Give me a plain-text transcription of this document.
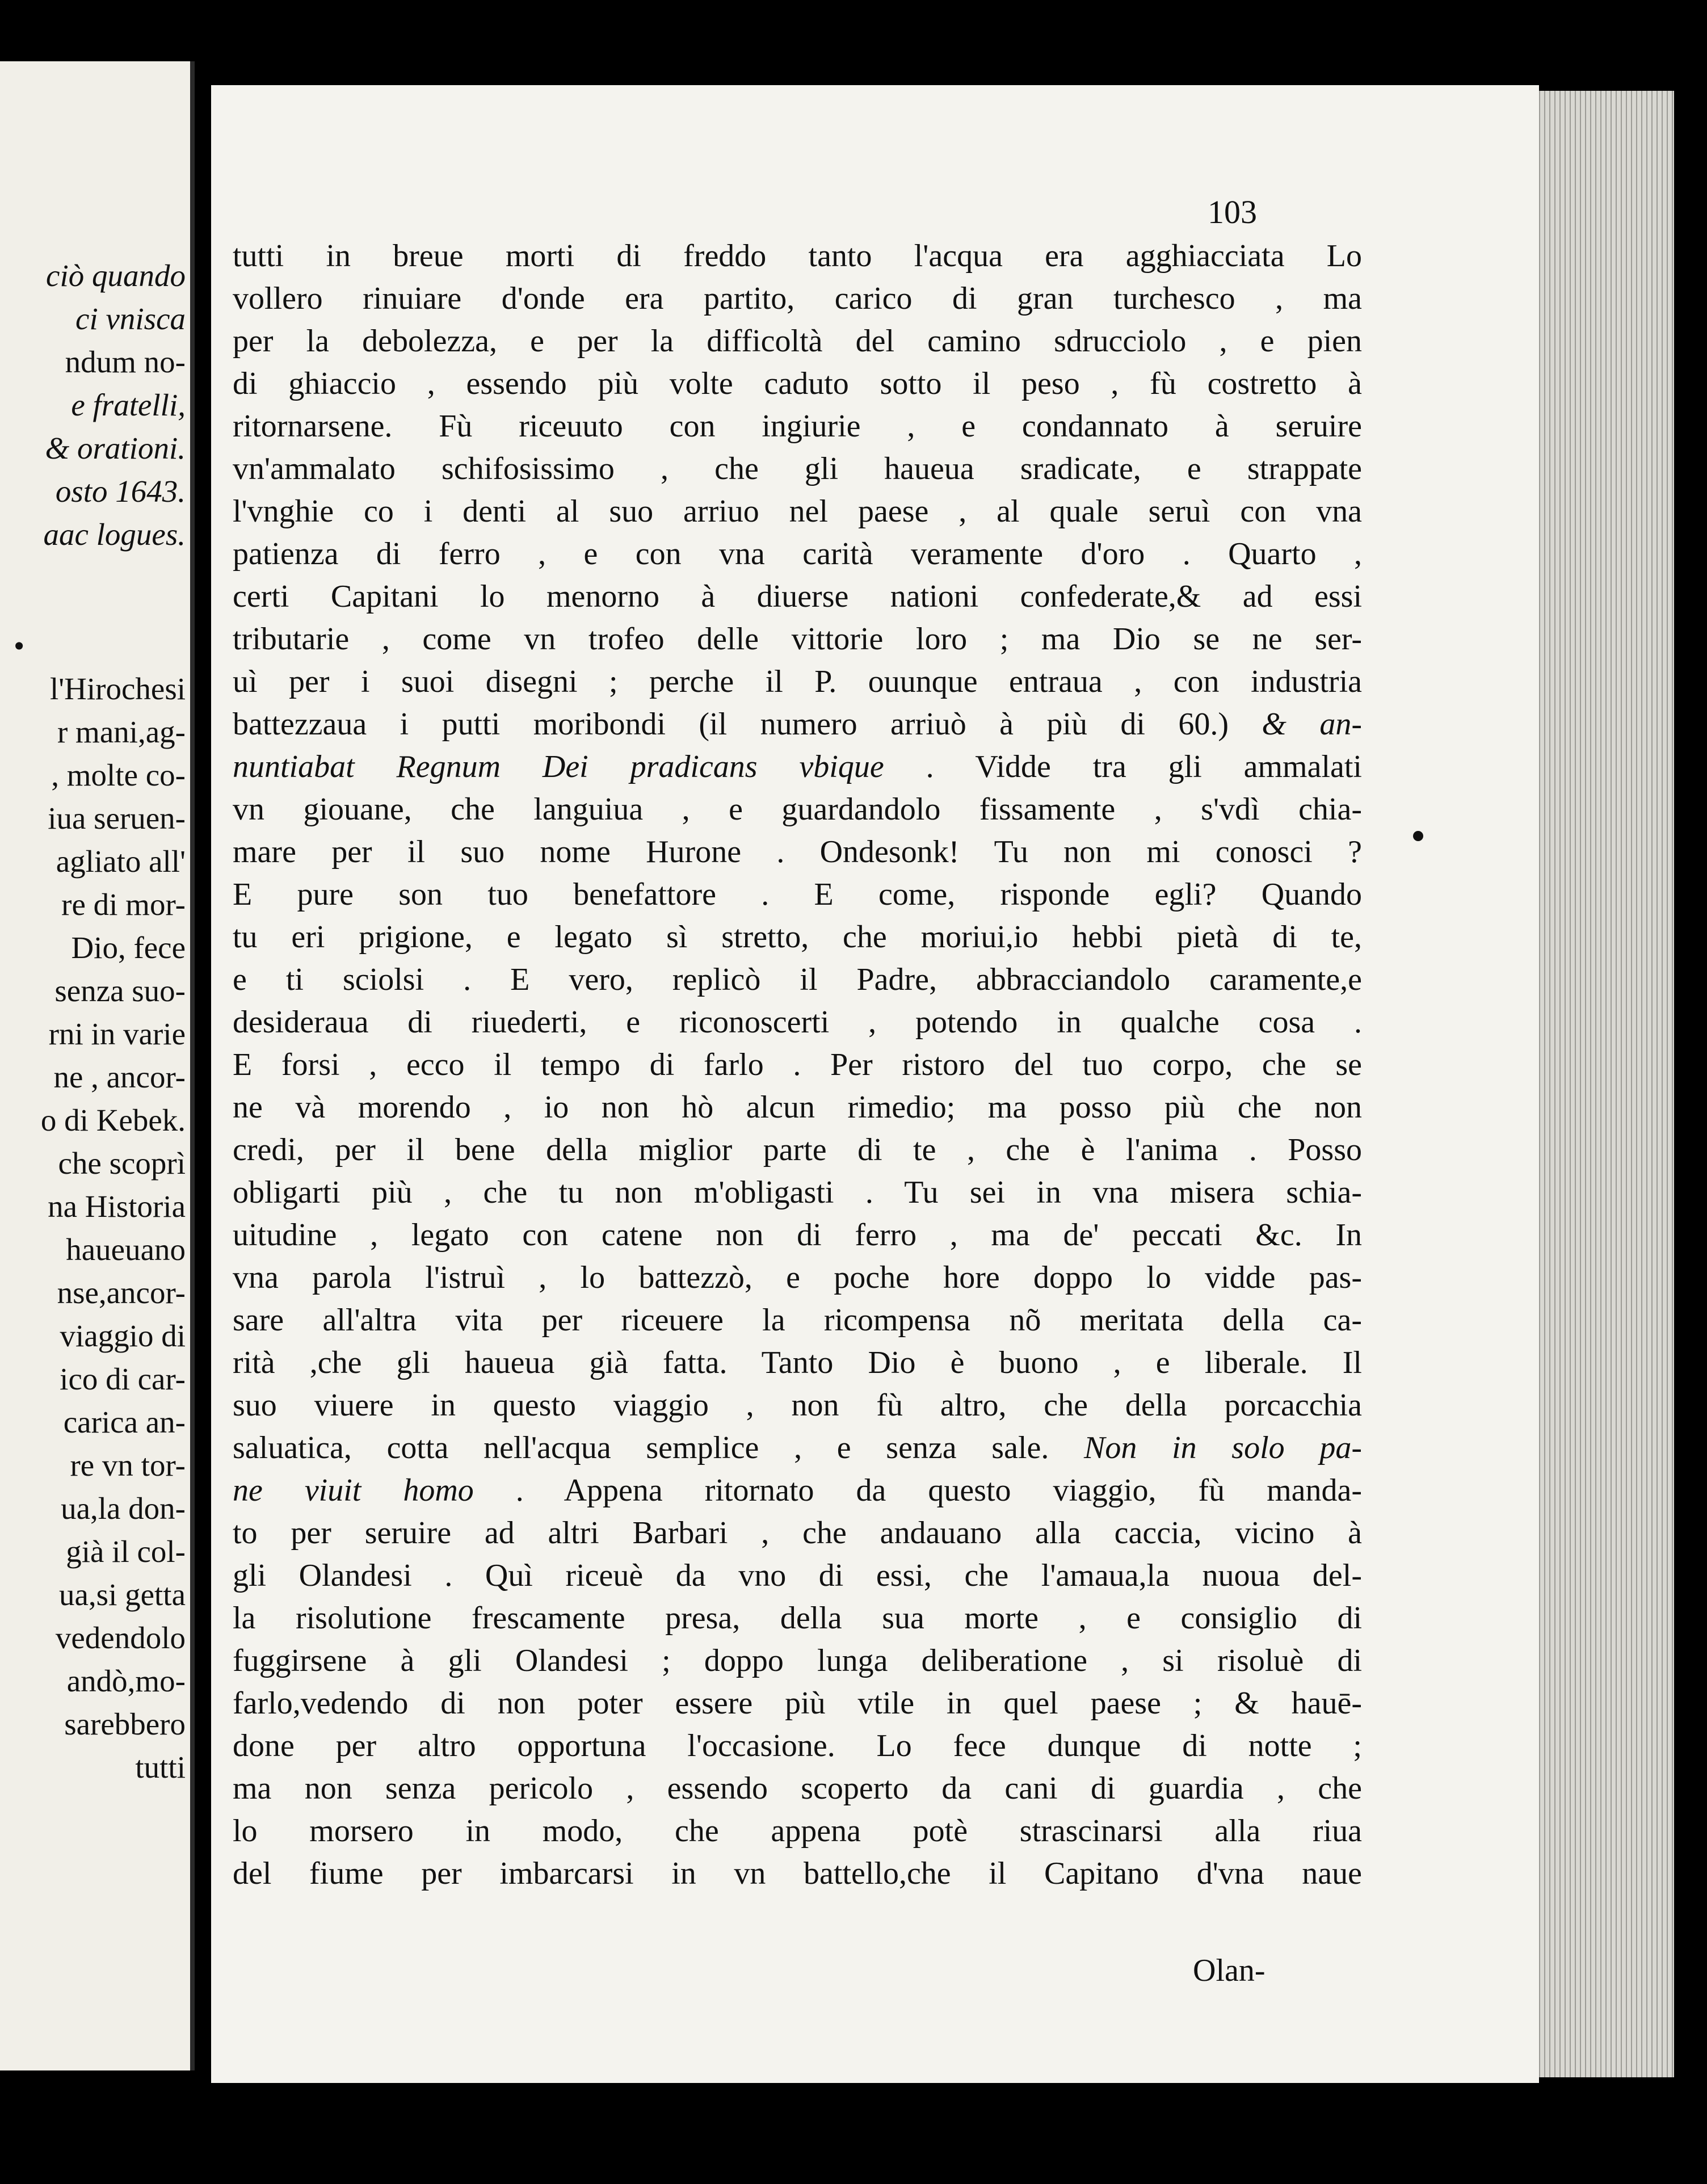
ciò quando
ci vnisca
ndum no-
e fratelli,
& orationi.
osto 1643.
aac logues.
•
l'Hirochesi
r mani,ag-
, molte co-
iua seruen-
agliato all'
re di mor-
Dio, fece
senza suo-
rni in varie
ne , ancor-
o di Kebek.
che scoprì
na Historia
haueuano
nse,ancor-
viaggio di
ico di car-
carica an-
re vn tor-
ua,la don-
già il col-
ua,si getta
vedendolo
andò,mo-
sarebbero
tutti
103
tutti in breue morti di freddo tanto l'acqua era agghiacciata Lo
vollero rinuiare d'onde era partito, carico di gran turchesco , ma
per la debolezza, e per la difficoltà del camino sdrucciolo , e pien
di ghiaccio , essendo più volte caduto sotto il peso , fù costretto à
ritornarsene. Fù riceuuto con ingiurie , e condannato à seruire
vn'ammalato schifosissimo , che gli haueua sradicate, e strappate
l'vnghie co i denti al suo arriuo nel paese , al quale seruì con vna
patienza di ferro , e con vna carità veramente d'oro . Quarto ,
certi Capitani lo menorno à diuerse nationi confederate,& ad essi
tributarie , come vn trofeo delle vittorie loro ; ma Dio se ne ser-
uì per i suoi disegni ; perche il P. ouunque entraua , con industria
battezzaua i putti moribondi (il numero arriuò à più di 60.) & an-
nuntiabat Regnum Dei pradicans vbique . Vidde tra gli ammalati
vn giouane, che languiua , e guardandolo fissamente , s'vdì chia-
mare per il suo nome Hurone . Ondesonk! Tu non mi conosci ?
E pure son tuo benefattore . E come, risponde egli? Quando
tu eri prigione, e legato sì stretto, che moriui,io hebbi pietà di te,
e ti sciolsi . E vero, replicò il Padre, abbracciandolo caramente,e
desideraua di riuederti, e riconoscerti , potendo in qualche cosa .
E forsi , ecco il tempo di farlo . Per ristoro del tuo corpo, che se
ne và morendo , io non hò alcun rimedio; ma posso più che non
credi, per il bene della miglior parte di te , che è l'anima . Posso
obligarti più , che tu non m'obligasti . Tu sei in vna misera schia-
uitudine , legato con catene non di ferro , ma de' peccati &c. In
vna parola l'istruì , lo battezzò, e poche hore doppo lo vidde pas-
sare all'altra vita per riceuere la ricompensa nõ meritata della ca-
rità ,che gli haueua già fatta. Tanto Dio è buono , e liberale. Il
suo viuere in questo viaggio , non fù altro, che della porcacchia
saluatica, cotta nell'acqua semplice , e senza sale. Non in solo pa-
ne viuit homo . Appena ritornato da questo viaggio, fù manda-
to per seruire ad altri Barbari , che andauano alla caccia, vicino à
gli Olandesi . Quì riceuè da vno di essi, che l'amaua,la nuoua del-
la risolutione frescamente presa, della sua morte , e consiglio di
fuggirsene à gli Olandesi ; doppo lunga deliberatione , si risoluè di
farlo,vedendo di non poter essere più vtile in quel paese ; & hauē-
done per altro opportuna l'occasione. Lo fece dunque di notte ;
ma non senza pericolo , essendo scoperto da cani di guardia , che
lo morsero in modo, che appena potè strascinarsi alla riua
del fiume per imbarcarsi in vn battello,che il Capitano d'vna naue
Olan-
